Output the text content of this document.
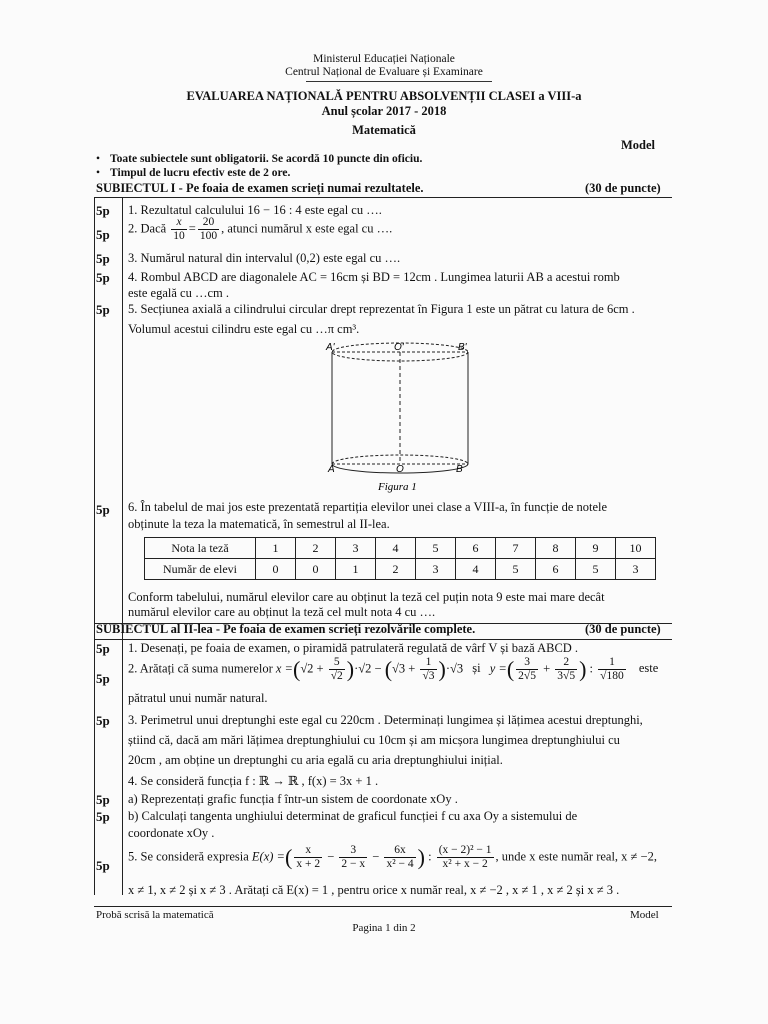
Ministerul Educației Naționale
Centrul Național de Evaluare și Examinare
EVALUAREA NAȚIONALĂ PENTRU ABSOLVENȚII CLASEI a VIII-a
Anul școlar 2017 - 2018
Matematică
Model
• Toate subiectele sunt obligatorii. Se acordă 10 puncte din oficiu.
• Timpul de lucru efectiv este de 2 ore.
SUBIECTUL I - Pe foaia de examen scrieți numai rezultatele.	(30 de puncte)
5p	1. Rezultatul calculului 16 − 16 : 4 este egal cu ….
5p	2. Dacă $\frac{x}{10} = \frac{20}{100}$ , atunci numărul x este egal cu ….
5p	3. Numărul natural din intervalul (0,2) este egal cu ….
5p	4. Rombul ABCD are diagonalele AC = 16cm și BD = 12cm . Lungimea laturii AB a acestui romb
este egală cu …cm .
5p	5. Secțiunea axială a cilindrului circular drept reprezentat în Figura 1 este un pătrat cu latura de 6cm .
Volumul acestui cilindru este egal cu …π cm³.
A'	O'	B'
A	O	B
Figura 1
5p	6. În tabelul de mai jos este prezentată repartiția elevilor unei clase a VIII-a, în funcție de notele
obținute la teza la matematică, în semestrul al II-lea.
Nota la teză	1	2	3	4	5	6	7	8	9	10
Număr de elevi	0	0	1	2	3	4	5	6	5	3
Conform tabelului, numărul elevilor care au obținut la teză cel puțin nota 9 este mai mare decât
numărul elevilor care au obținut la teză cel mult nota 4 cu ….
SUBIECTUL al II-lea - Pe foaia de examen scrieți rezolvările complete.	(30 de puncte)
5p	1. Desenați, pe foaia de examen, o piramidă patrulateră regulată de vârf V și bază ABCD .
5p
2. Arătați că suma numerelor $x =(√2 + \frac{5}{√2} )\cdot√2 - (√3 + \frac{1}{√3} )\cdot√3$ și y =( $\frac{3}{2√5} + \frac{2}{3√5}$ ) : $\frac{1}{√180}$ este
pătratul unui număr natural.
5p	3. Perimetrul unui dreptunghi este egal cu 220cm . Determinați lungimea și lățimea acestui dreptunghi,
știind că, dacă am mări lățimea dreptunghiului cu 10cm și am micșora lungimea dreptunghiului cu
20cm , am obține un dreptunghi cu aria egală cu aria dreptunghiului inițial.
4. Se consideră funcția f : ℝ → ℝ , f(x) = 3x + 1 .
5p	a) Reprezentați grafic funcția f într-un sistem de coordonate xOy .
5p	b) Calculați tangenta unghiului determinat de graficul funcției f cu axa Oy a sistemului de
coordonate xOy .
5p
5. Se consideră expresia E(x) =( $\frac{x}{x + 2} - \frac{3}{2 - x} - \frac{6x}{\text{x² − 4}}$ ) : $\frac{\text{(x − 2)² − 1}}{\text{x² + x − 2}}$ , unde x este număr real, x ≠ −2,
x ≠ 1, x ≠ 2 și x ≠ 3 . Arătați că E(x) = 1 , pentru orice x număr real, x ≠ −2 , x ≠ 1 , x ≠ 2 și x ≠ 3 .
Probă scrisă la matematică	Model
Pagina 1 din 2
